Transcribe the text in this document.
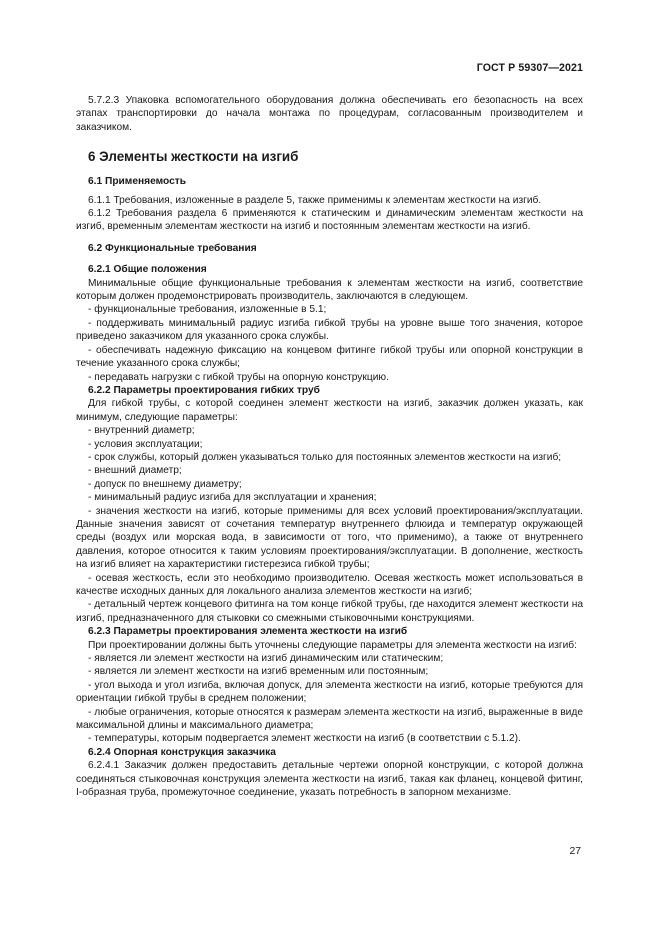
ГОСТ Р 59307—2021

5.7.2.3 Упаковка вспомогательного оборудования должна обеспечивать его безопасность на всех этапах транспортировки до начала монтажа по процедурам, согласованным производителем и заказчиком.

6 Элементы жесткости на изгиб
6.1 Применяемость

6.1.1 Требования, изложенные в разделе 5, также применимы к элементам жесткости на изгиб.

6.1.2 Требования раздела 6 применяются к статическим и динамическим элементам жесткости на изгиб, временным элементам жесткости на изгиб и постоянным элементам жесткости на изгиб.

6.2 Функциональные требования
6.2.1 Общие положения

Минимальные общие функциональные требования к элементам жесткости на изгиб, соответствие которым должен продемонстрировать производитель, заключаются в следующем.

- функциональные требования, изложенные в 5.1;

- поддерживать минимальный радиус изгиба гибкой трубы на уровне выше того значения, которое приведено заказчиком для указанного срока службы.

- обеспечивать надежную фиксацию на концевом фитинге гибкой трубы или опорной конструкции в течение указанного срока службы;

- передавать нагрузки с гибкой трубы на опорную конструкцию.

6.2.2 Параметры проектирования гибких труб

Для гибкой трубы, с которой соединен элемент жесткости на изгиб, заказчик должен указать, как минимум, следующие параметры:

- внутренний диаметр;

- условия эксплуатации;

- срок службы, который должен указываться только для постоянных элементов жесткости на изгиб;

- внешний диаметр;

- допуск по внешнему диаметру;

- минимальный радиус изгиба для эксплуатации и хранения;

- значения жесткости на изгиб, которые применимы для всех условий проектирования/эксплуатации. Данные значения зависят от сочетания температур внутреннего флюида и температур окружающей среды (воздух или морская вода, в зависимости от того, что применимо), а также от внутреннего давления, которое относится к таким условиям проектирования/эксплуатации. В дополнение, жесткость на изгиб влияет на характеристики гистерезиса гибкой трубы;

- осевая жесткость, если это необходимо производителю. Осевая жесткость может использоваться в качестве исходных данных для локального анализа элементов жесткости на изгиб;

- детальный чертеж концевого фитинга на том конце гибкой трубы, где находится элемент жесткости на изгиб, предназначенного для стыковки со смежными стыковочными конструкциями.

6.2.3 Параметры проектирования элемента жесткости на изгиб

При проектировании должны быть уточнены следующие параметры для элемента жесткости на изгиб:

- является ли элемент жесткости на изгиб динамическим или статическим;

- является ли элемент жесткости на изгиб временным или постоянным;

- угол выхода и угол изгиба, включая допуск, для элемента жесткости на изгиб, которые требуются для ориентации гибкой трубы в среднем положении;

- любые ограничения, которые относятся к размерам элемента жесткости на изгиб, выраженные в виде максимальной длины и максимального диаметра;

- температуры, которым подвергается элемент жесткости на изгиб (в соответствии с 5.1.2).

6.2.4 Опорная конструкция заказчика

6.2.4.1 Заказчик должен предоставить детальные чертежи опорной конструкции, с которой должна соединяться стыковочная конструкция элемента жесткости на изгиб, такая как фланец, концевой фитинг, I-образная труба, промежуточное соединение, указать потребность в запорном механизме.

27
